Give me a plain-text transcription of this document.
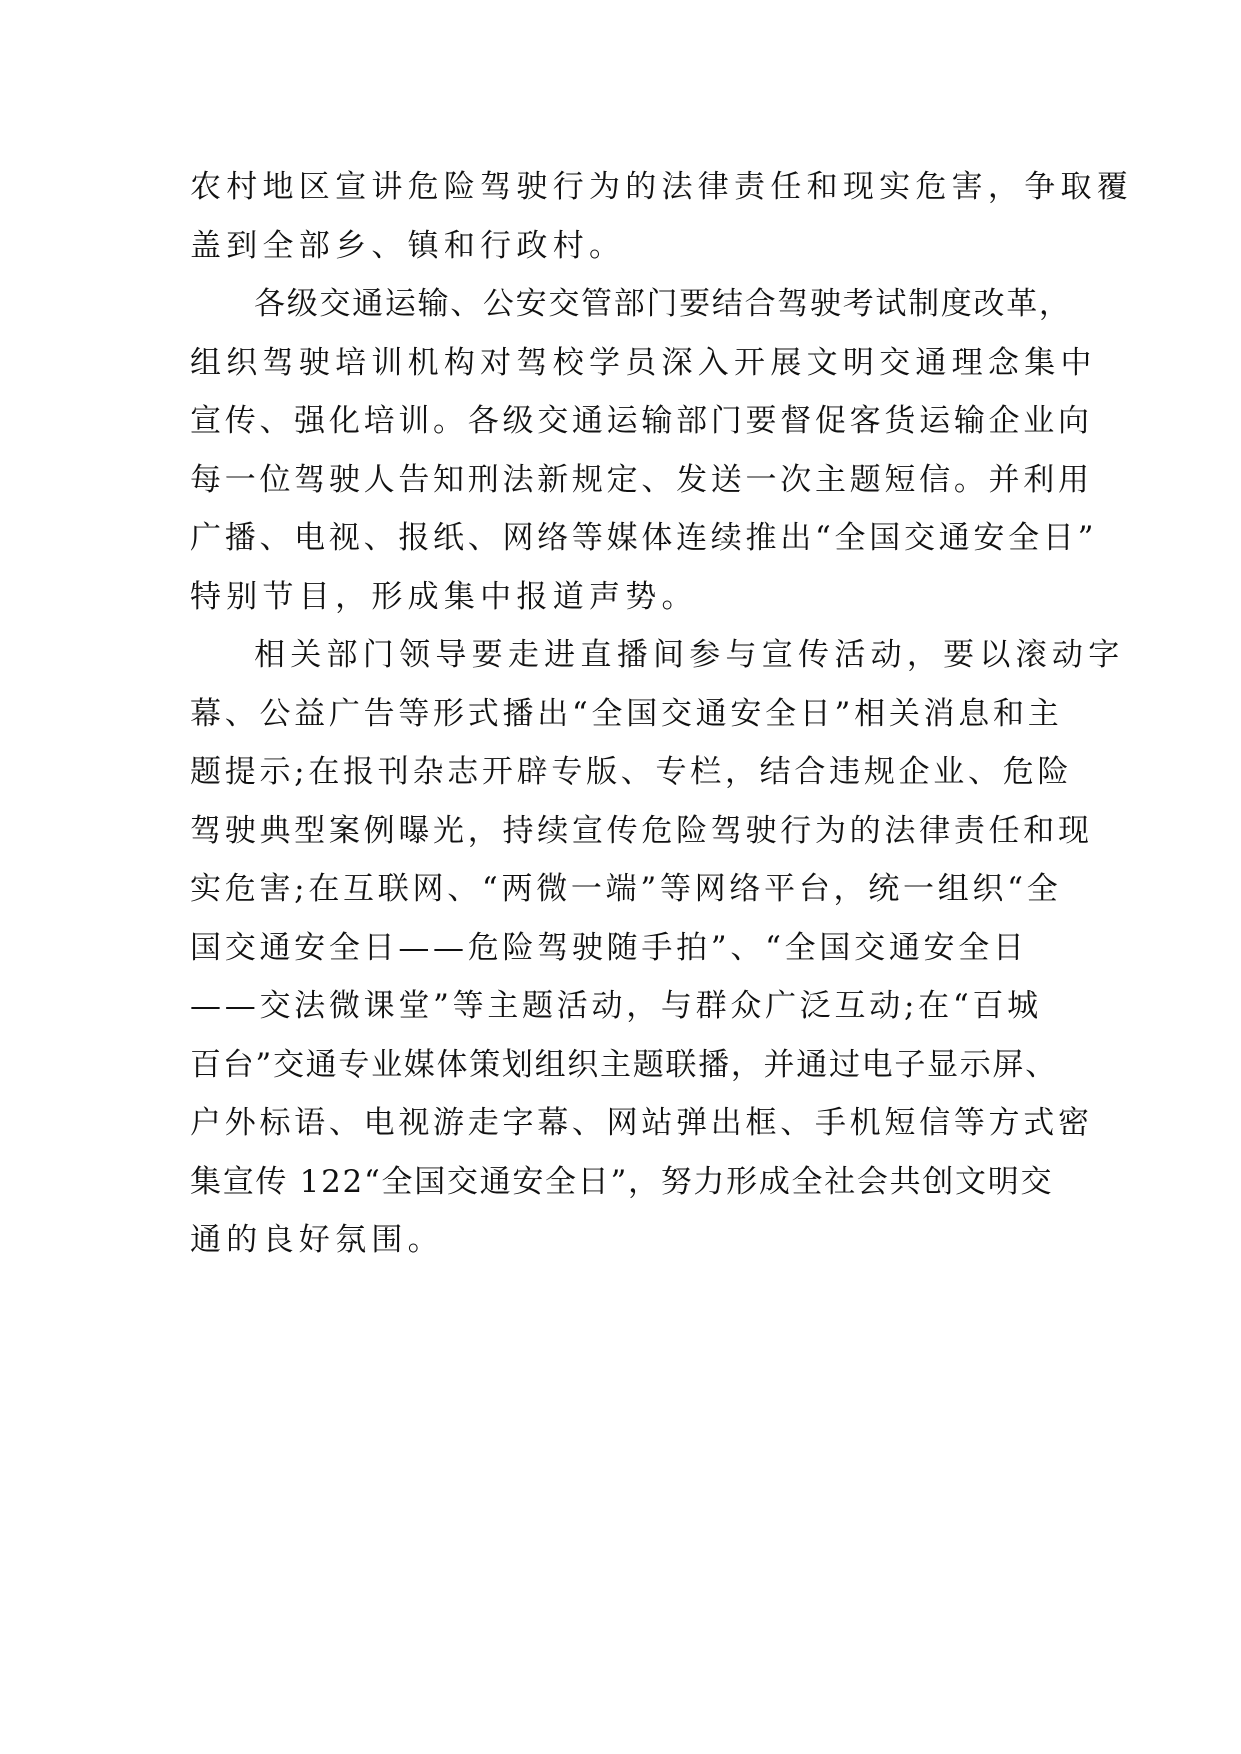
农村地区宣讲危险驾驶行为的法律责任和现实危害，争取覆
盖到全部乡、镇和行政村。
各级交通运输、公安交管部门要结合驾驶考试制度改革，
组织驾驶培训机构对驾校学员深入开展文明交通理念集中
宣传、强化培训。各级交通运输部门要督促客货运输企业向
每一位驾驶人告知刑法新规定、发送一次主题短信。并利用
广播、电视、报纸、网络等媒体连续推出“全国交通安全日”
特别节目，形成集中报道声势。
相关部门领导要走进直播间参与宣传活动，要以滚动字
幕、公益广告等形式播出“全国交通安全日”相关消息和主
题提示;在报刊杂志开辟专版、专栏，结合违规企业、危险
驾驶典型案例曝光，持续宣传危险驾驶行为的法律责任和现
实危害;在互联网、“两微一端”等网络平台，统一组织“全
国交通安全日——危险驾驶随手拍”、“全国交通安全日
——交法微课堂”等主题活动，与群众广泛互动;在“百城
百台”交通专业媒体策划组织主题联播，并通过电子显示屏、
户外标语、电视游走字幕、网站弹出框、手机短信等方式密
集宣传 122“全国交通安全日”，努力形成全社会共创文明交
通的良好氛围。
